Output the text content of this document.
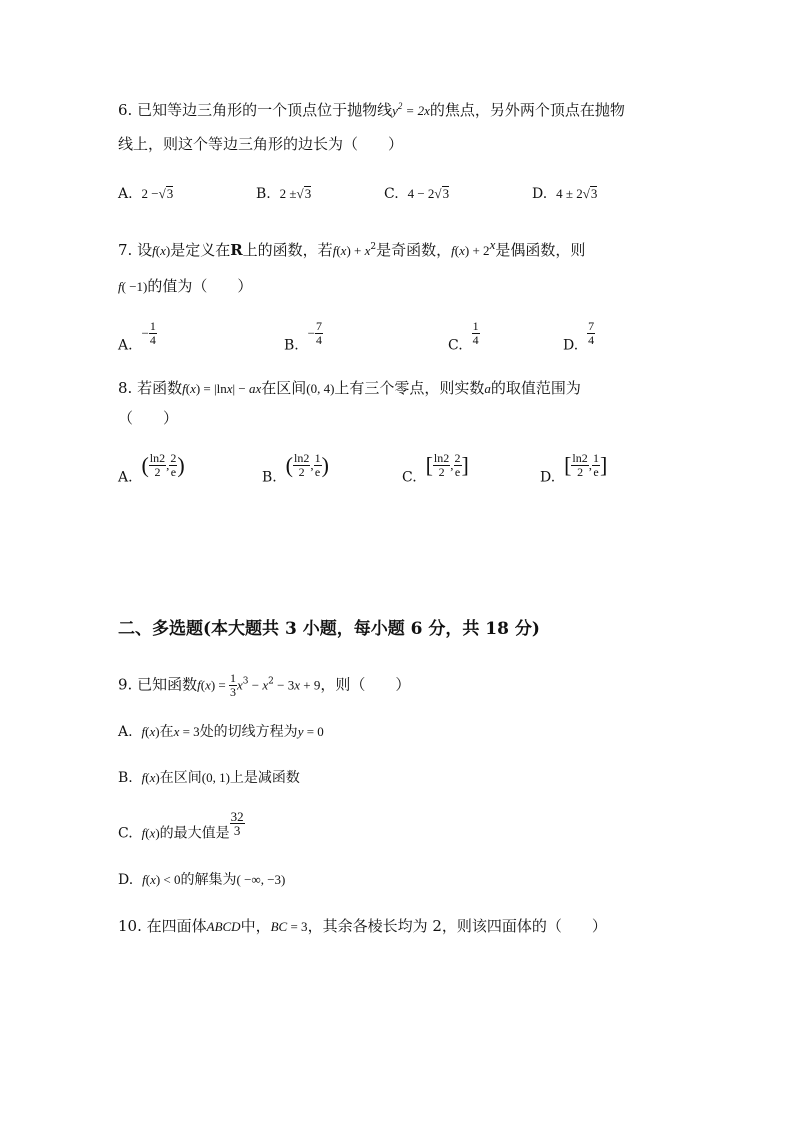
6. 已知等边三角形的一个顶点位于抛物线$y^2 = 2x$的焦点，另外两个顶点在抛物
线上，则这个等边三角形的边长为（　　）
A. 2 −√3	B. 2 ±√3	C. 4 − 2√3	D. 4 ± 2√3
7. 设f(x)是定义在R上的函数，若$f(x) + x^2$是奇函数，$f(x) + 2^x$是偶函数，则
f( −1)的值为（　　）
A.  − $\frac{1}{4}$	B.  − $\frac{7}{4}$	C. $\frac{1}{4}$	D. $\frac{7}{4}$
8. 若函数f(x) = |lnx| − ax在区间(0, 4)上有三个零点，则实数a的取值范围为
（　　）
A. ( $\frac{\ln 2}{2}$ , $\frac{2}{e}$ )	B. ( $\frac{\ln 2}{2}$ , $\frac{1}{e}$ )	C. [ $\frac{\ln 2}{2}$ , $\frac{2}{e}$ ]	D. [ $\frac{\ln 2}{2}$ , $\frac{1}{e}$ ]
二、多选题(本大题共 3 小题，每小题 6 分，共 18 分)
9. 已知函数$f(x) = \frac{1}{3} x^3 - x^2 - 3x + 9$，则（　　）
A. f(x)在x = 3处的切线方程为y = 0
B. f(x)在区间(0, 1)上是减函数
C. f(x)的最大值是 $\frac{32}{3}$
D. f(x) < 0的解集为( −∞, −3)
10. 在四面体ABCD中，BC = 3，其余各棱长均为 2，则该四面体的（　　）
